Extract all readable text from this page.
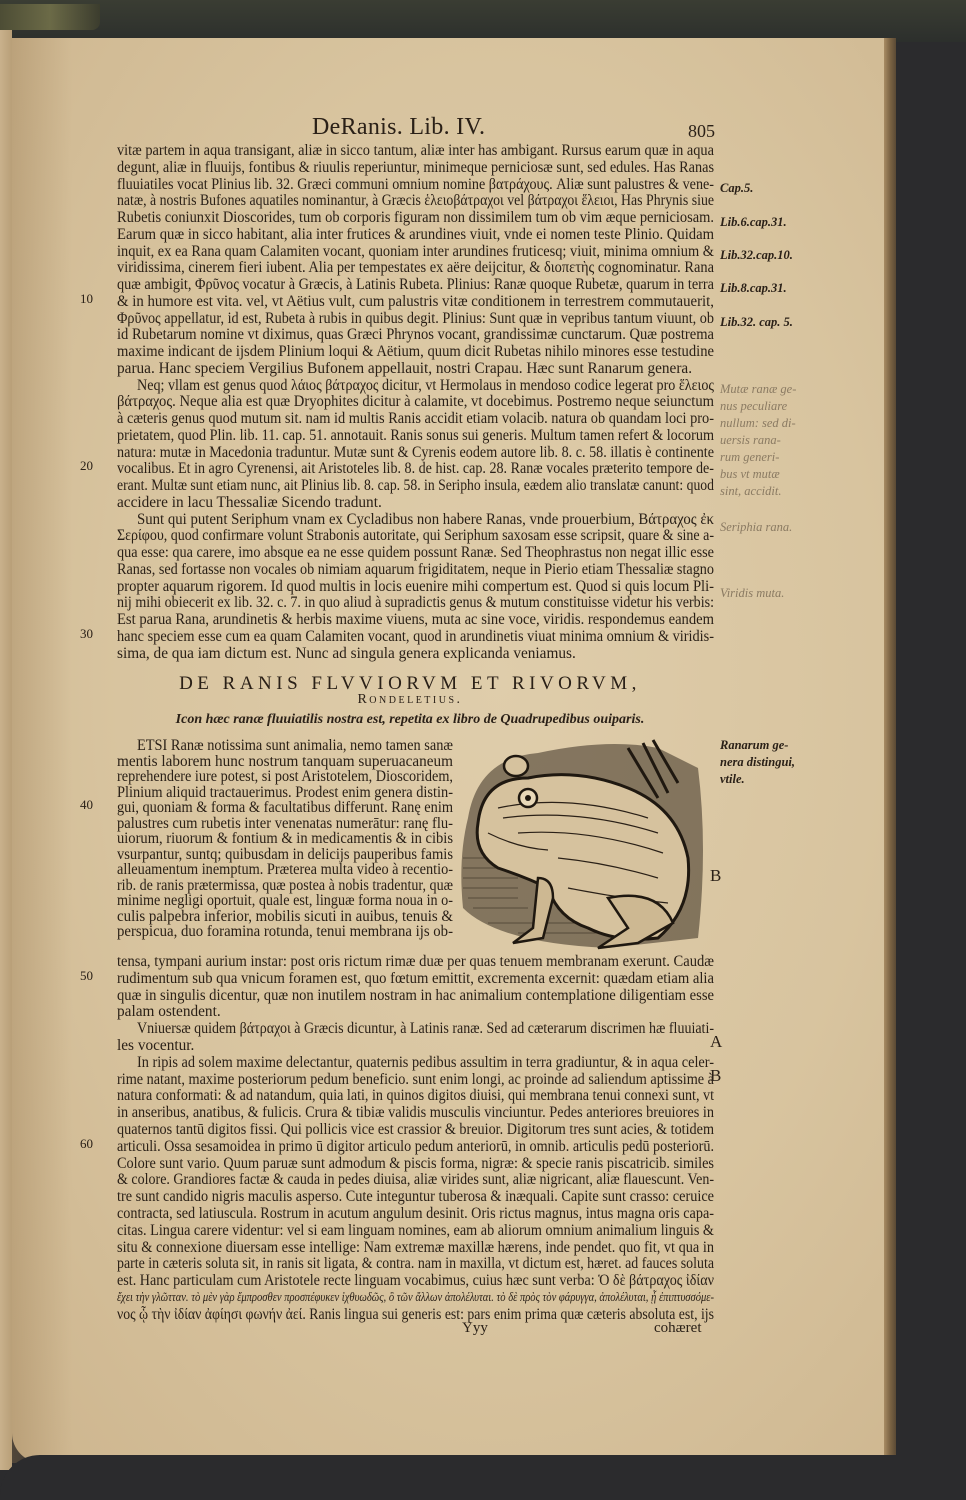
DeRanis. Lib. IV.	805
vitæ partem in aqua transigant, aliæ in sicco tantum, aliæ inter has ambigant. Rursus earum quæ in aqua
degunt, aliæ in fluuijs, fontibus & riuulis reperiuntur, minimeque perniciosæ sunt, sed edules. Has Ranas
fluuiatiles vocat Plinius lib. 32. Græci communi omnium nomine βατράχους. Aliæ sunt palustres & vene-
natæ, à nostris Bufones aquatiles nominantur, à Græcis ἑλειοβάτραχοι vel βάτραχοι ἕλειοι, Has Phrynis siue
Rubetis coniunxit Dioscorides, tum ob corporis figuram non dissimilem tum ob vim æque perniciosam.
Earum quæ in sicco habitant, alia inter frutices & arundines viuit, vnde ei nomen teste Plinio. Quidam
inquit, ex ea Rana quam Calamiten vocant, quoniam inter arundines fruticesq; viuit, minima omnium &
viridissima, cinerem fieri iubent. Alia per tempestates ex aëre deijcitur, & διοπετὴς cognominatur. Rana
quæ ambigit, Φρῦνος vocatur à Græcis, à Latinis Rubeta. Plinius: Ranæ quoque Rubetæ, quarum in terra
& in humore est vita. vel, vt Aëtius vult, cum palustris vitæ conditionem in terrestrem commutauerit,
Φρῦνος appellatur, id est, Rubeta à rubis in quibus degit. Plinius: Sunt quæ in vepribus tantum viuunt, ob
id Rubetarum nomine vt diximus, quas Græci Phrynos vocant, grandissimæ cunctarum. Quæ postrema
maxime indicant de ijsdem Plinium loqui & Aëtium, quum dicit Rubetas nihilo minores esse testudine
parua. Hanc speciem Vergilius Bufonem appellauit, nostri Crapau. Hæc sunt Ranarum genera.
Neq; vllam est genus quod λάιος βάτραχος dicitur, vt Hermolaus in mendoso codice legerat pro ἕλειος
βάτραχος. Neque alia est quæ Dryophites dicitur à calamite, vt docebimus. Postremo neque seiunctum
à cæteris genus quod mutum sit. nam id multis Ranis accidit etiam volacib. natura ob quandam loci pro-
prietatem, quod Plin. lib. 11. cap. 51. annotauit. Ranis sonus sui generis. Multum tamen refert & locorum
natura: mutæ in Macedonia traduntur. Mutæ sunt & Cyrenis eodem autore lib. 8. c. 58. illatis è continente
vocalibus. Et in agro Cyrenensi, ait Aristoteles lib. 8. de hist. cap. 28. Ranæ vocales præterito tempore de-
erant. Multæ sunt etiam nunc, ait Plinius lib. 8. cap. 58. in Seripho insula, eædem alio translatæ canunt: quod
accidere in lacu Thessaliæ Sicendo tradunt.
Sunt qui putent Seriphum vnam ex Cycladibus non habere Ranas, vnde prouerbium, Βάτραχος ἐκ
Σερίφου, quod confirmare volunt Strabonis autoritate, qui Seriphum saxosam esse scripsit, quare & sine a-
qua esse: qua carere, imo absque ea ne esse quidem possunt Ranæ. Sed Theophrastus non negat illic esse
Ranas, sed fortasse non vocales ob nimiam aquarum frigiditatem, neque in Pierio etiam Thessaliæ stagno
propter aquarum rigorem. Id quod multis in locis euenire mihi compertum est. Quod si quis locum Pli-
nij mihi obiecerit ex lib. 32. c. 7. in quo aliud à supradictis genus & mutum constituisse videtur his verbis:
Est parua Rana, arundinetis & herbis maxime viuens, muta ac sine voce, viridis. respondemus eandem
hanc speciem esse cum ea quam Calamiten vocant, quod in arundinetis viuat minima omnium & viridis-
sima, de qua iam dictum est. Nunc ad singula genera explicanda veniamus.
DE RANIS FLVVIORVM ET RIVORVM,
Rondeletius.
Icon hæc ranæ fluuiatilis nostra est, repetita ex libro de Quadrupedibus ouiparis.
ETSI Ranæ notissima sunt animalia, nemo tamen sanæ
mentis laborem hunc nostrum tanquam superuacaneum
reprehendere iure potest, si post Aristotelem, Dioscoridem,
Plinium aliquid tractauerimus. Prodest enim genera distin-
gui, quoniam & forma & facultatibus differunt. Ranę enim
palustres cum rubetis inter venenatas numerātur: ranę flu-
uiorum, riuorum & fontium & in medicamentis & in cibis
vsurpantur, suntq; quibusdam in delicijs pauperibus famis
alleuamentum inemptum. Præterea multa video à recentio-
rib. de ranis prætermissa, quæ postea à nobis tradentur, quæ
minime negligi oportuit, quale est, linguæ forma noua in o-
culis palpebra inferior, mobilis sicuti in auibus, tenuis &
perspicua, duo foramina rotunda, tenui membrana ijs ob-
tensa, tympani aurium instar: post oris rictum rimæ duæ per quas tenuem membranam exerunt. Caudæ
rudimentum sub qua vnicum foramen est, quo fœtum emittit, excrementa excernit: quædam etiam alia
quæ in singulis dicentur, quæ non inutilem nostram in hac animalium contemplatione diligentiam esse
palam ostendent.
Vniuersæ quidem βάτραχοι à Græcis dicuntur, à Latinis ranæ. Sed ad cæterarum discrimen hæ fluuiati-
les vocentur.
In ripis ad solem maxime delectantur, quaternis pedibus assultim in terra gradiuntur, & in aqua celer-
rime natant, maxime posteriorum pedum beneficio. sunt enim longi, ac proinde ad saliendum aptissime à
natura conformati: & ad natandum, quia lati, in quinos digitos diuisi, qui membrana tenui connexi sunt, vt
in anseribus, anatibus, & fulicis. Crura & tibiæ validis musculis vinciuntur. Pedes anteriores breuiores in
quaternos tantū digitos fissi. Qui pollicis vice est crassior & breuior. Digitorum tres sunt acies, & totidem
articuli. Ossa sesamoidea in primo ū digitor articulo pedum anteriorū, in omnib. articulis pedū posteriorū.
Colore sunt vario. Quum paruæ sunt admodum & piscis forma, nigræ: & specie ranis piscatricib. similes
& colore. Grandiores factæ & cauda in pedes diuisa, aliæ virides sunt, aliæ nigricant, aliæ flauescunt. Ven-
tre sunt candido nigris maculis asperso. Cute integuntur tuberosa & inæquali. Capite sunt crasso: ceruice
contracta, sed latiuscula. Rostrum in acutum angulum desinit. Oris rictus magnus, intus magna oris capa-
citas. Lingua carere videntur: vel si eam linguam nomines, eam ab aliorum omnium animalium linguis &
situ & connexione diuersam esse intellige: Nam extremæ maxillæ hærens, inde pendet. quo fit, vt qua in
parte in cæteris soluta sit, in ranis sit ligata, & contra. nam in maxilla, vt dictum est, hæret. ad fauces soluta
est. Hanc particulam cum Aristotele recte linguam vocabimus, cuius hæc sunt verba: Ὁ δὲ βάτραχος ἰδίαν
ἔχει τὴν γλῶτταν. τὸ μὲν γὰρ ἔμπροσθεν προσπέφυκεν ἰχθυωδῶς, ὃ τῶν ἄλλων ἀπολέλυται. τὸ δὲ πρὸς τὸν φάρυγγα, ἀπολέλυται, ᾗ ἐπιπτυσσόμε-
νος ᾧ τὴν ἰδίαν ἀφίησι φωνήν ἀεί. Ranis lingua sui generis est: pars enim prima quæ cæteris absoluta est, ijs
B
A
B
Cap.5.
Lib.6.cap.31.
Lib.32.cap.10.
Lib.8.cap.31.
Lib.32. cap. 5.
Mutæ ranæ ge-
nus peculiare
nullum: sed di-
uersis rana-
rum generi-
bus vt mutæ
sint, accidit.
Seriphia rana.
Viridis muta.
Ranarum ge-
nera distingui,
vtile.
Yyy	cohæret
10
20
30
40
50
60
